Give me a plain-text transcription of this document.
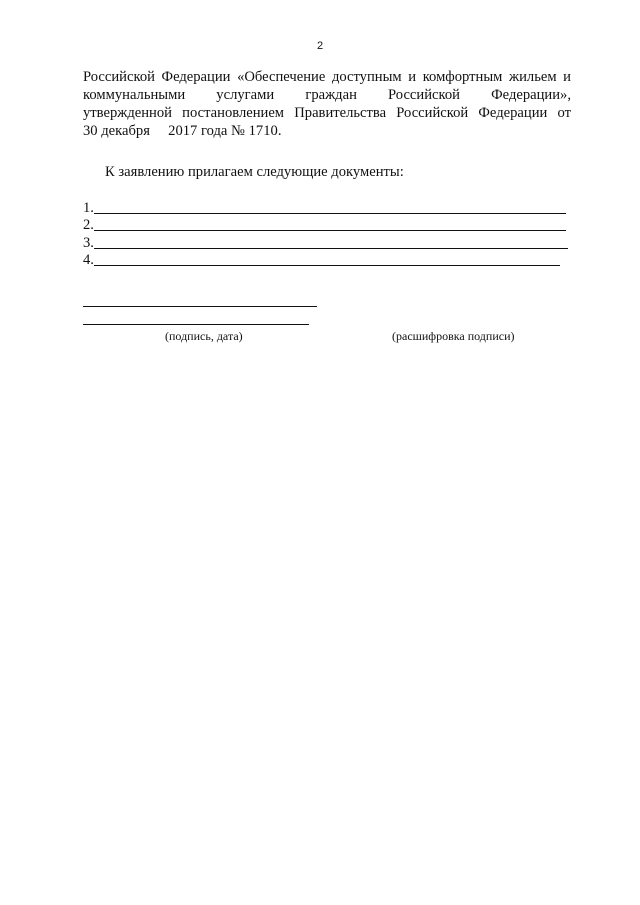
2
Российской Федерации «Обеспечение доступным и комфортным жильем и
коммунальными услугами граждан Российской Федерации»,
утвержденной постановлением Правительства Российской Федерации от
30 декабря     2017 года № 1710.
К заявлению прилагаем следующие документы:
1.
2.
3.
4.
(подпись, дата)	(расшифровка подписи)
